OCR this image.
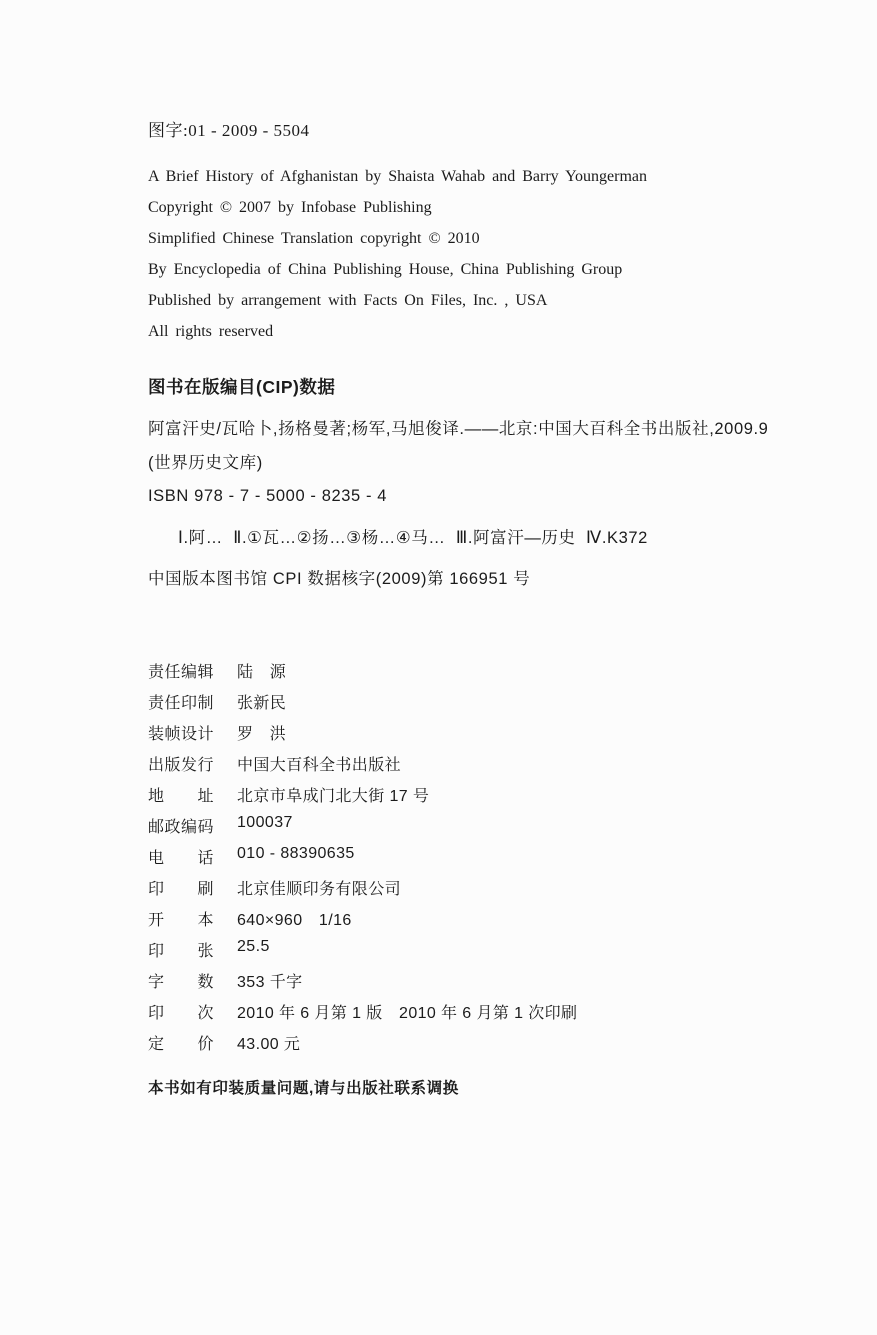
图字:01 - 2009 - 5504
A Brief History of Afghanistan by Shaista Wahab and Barry Youngerman
Copyright © 2007 by Infobase Publishing
Simplified Chinese Translation copyright © 2010
By Encyclopedia of China Publishing House, China Publishing Group
Published by arrangement with Facts On Files, Inc. , USA
All rights reserved
图书在版编目(CIP)数据
阿富汗史/瓦哈卜,扬格曼著;杨军,马旭俊译.——北京:中国大百科全书出版社,2009.9
(世界历史文库)
ISBN 978 - 7 - 5000 - 8235 - 4
Ⅰ.阿…  Ⅱ.①瓦…②扬…③杨…④马…  Ⅲ.阿富汗—历史  Ⅳ.K372
中国版本图书馆 CPI 数据核字(2009)第 166951 号
责任编辑 陆　源
责任印制 张新民
装帧设计 罗　洪
出版发行 中国大百科全书出版社
地　　址 北京市阜成门北大街 17 号
邮政编码 100037
电　　话 010 - 88390635
印　　刷 北京佳顺印务有限公司
开　　本 640×960　1/16
印　　张 25.5
字　　数 353 千字
印　　次 2010 年 6 月第 1 版　2010 年 6 月第 1 次印刷
定　　价 43.00 元
本书如有印装质量问题,请与出版社联系调换
